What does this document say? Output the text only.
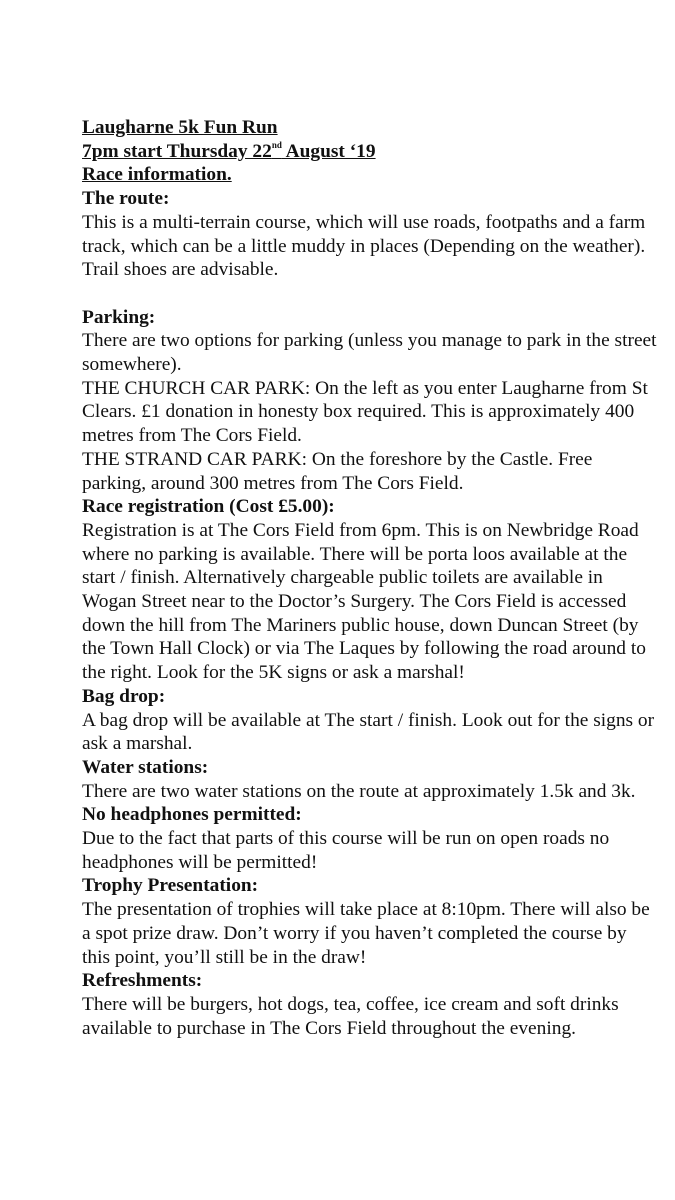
Laugharne 5k Fun Run

7pm start Thursday 22nd August ‘19

Race information.

The route:

This is a multi-terrain course, which will use roads, footpaths and a farm track, which can be a little muddy in places (Depending on the weather). Trail shoes are advisable.

Parking:

There are two options for parking (unless you manage to park in the street somewhere).

THE CHURCH CAR PARK: On the left as you enter Laugharne from St Clears. £1 donation in honesty box required. This is approximately 400 metres from The Cors Field.

THE STRAND CAR PARK: On the foreshore by the Castle. Free parking, around 300 metres from The Cors Field.

Race registration (Cost £5.00):

Registration is at The Cors Field from 6pm. This is on Newbridge Road where no parking is available. There will be porta loos available at the start / finish. Alternatively chargeable public toilets are available in Wogan Street near to the Doctor’s Surgery. The Cors Field is accessed down the hill from The Mariners public house, down Duncan Street (by the Town Hall Clock) or via The Laques by following the road around to the right. Look for the 5K signs or ask a marshal!

Bag drop:

A bag drop will be available at The start / finish. Look out for the signs or ask a marshal.

Water stations:

There are two water stations on the route at approximately 1.5k and 3k.

No headphones permitted:

Due to the fact that parts of this course will be run on open roads no headphones will be permitted!

Trophy Presentation:

The presentation of trophies will take place at 8:10pm. There will also be a spot prize draw. Don’t worry if you haven’t completed the course by this point, you’ll still be in the draw!

Refreshments:

There will be burgers, hot dogs, tea, coffee, ice cream and soft drinks available to purchase in The Cors Field throughout the evening.
